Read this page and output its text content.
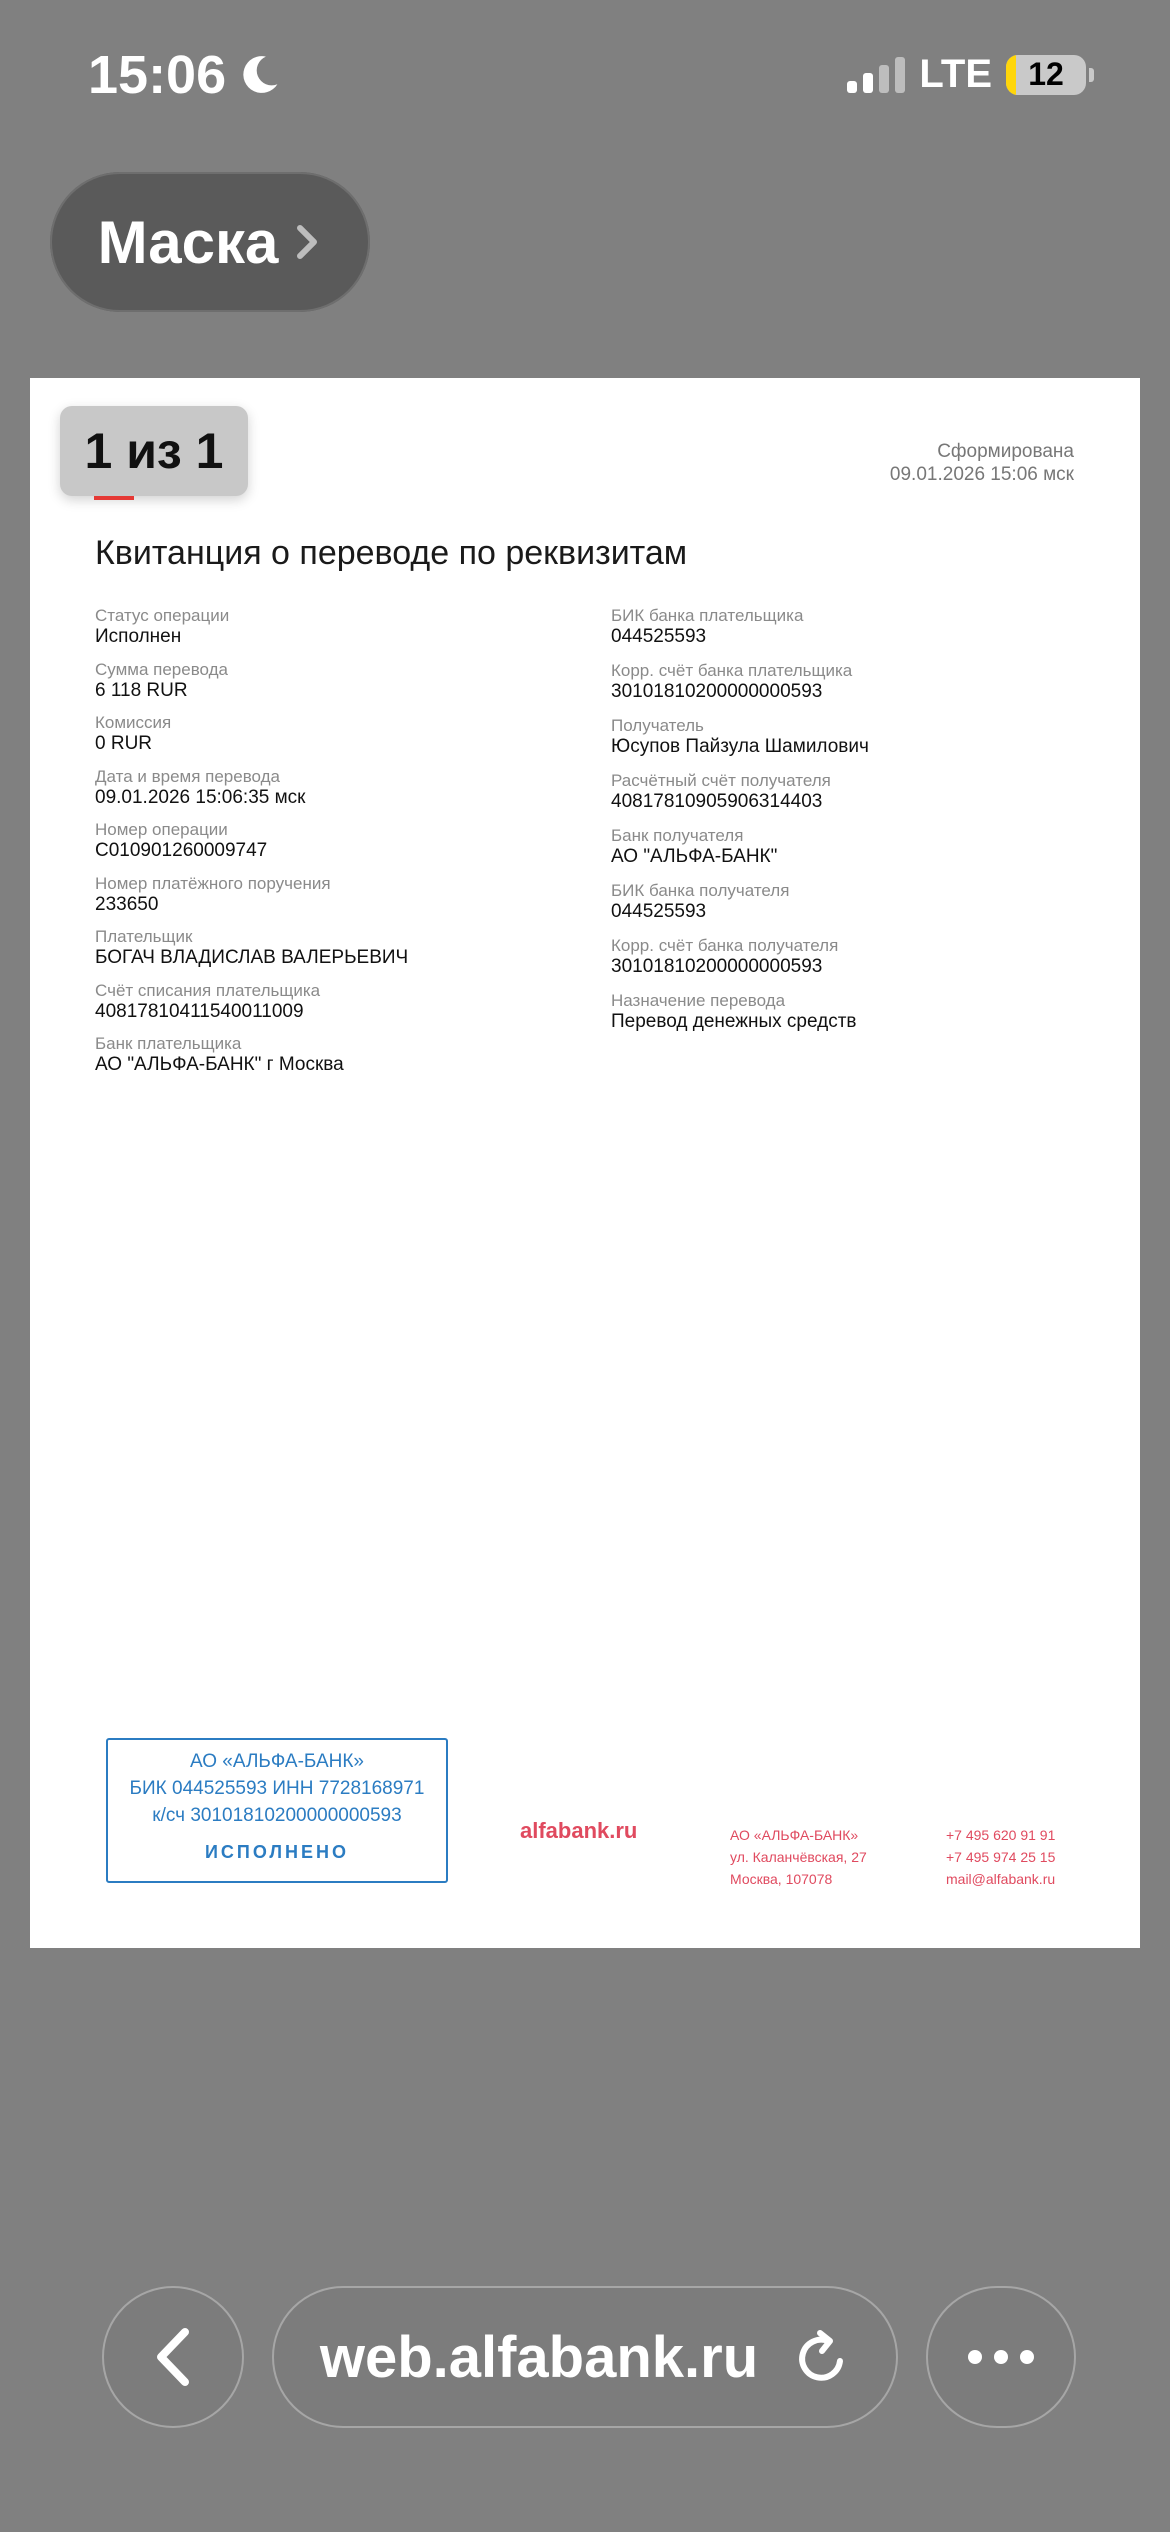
15:06	LTE 12
Маска
1 из 1	Сформирована
09.01.2026 15:06 мск
Квитанция о переводе по реквизитам
Статус операции
Исполнен
Сумма перевода
6 118 RUR
Комиссия
0 RUR
Дата и время перевода
09.01.2026 15:06:35 мск
Номер операции
C010901260009747
Номер платёжного поручения
233650
Плательщик
БОГАЧ ВЛАДИСЛАВ ВАЛЕРЬЕВИЧ
Счёт списания плательщика
40817810411540011009
Банк плательщика
АО "АЛЬФА-БАНК" г Москва
БИК банка плательщика
044525593
Корр. счёт банка плательщика
30101810200000000593
Получатель
Юсупов Пайзула Шамилович
Расчётный счёт получателя
40817810905906314403
Банк получателя
АО "АЛЬФА-БАНК"
БИК банка получателя
044525593
Корр. счёт банка получателя
30101810200000000593
Назначение перевода
Перевод денежных средств
АО «АЛЬФА-БАНК»
БИК 044525593 ИНН 7728168971
к/сч 30101810200000000593
ИСПОЛНЕНО
alfabank.ru	АО «АЛЬФА-БАНК»
ул. Каланчёвская, 27
Москва, 107078
+7 495 620 91 91
+7 495 974 25 15
mail@alfabank.ru
web.alfabank.ru
